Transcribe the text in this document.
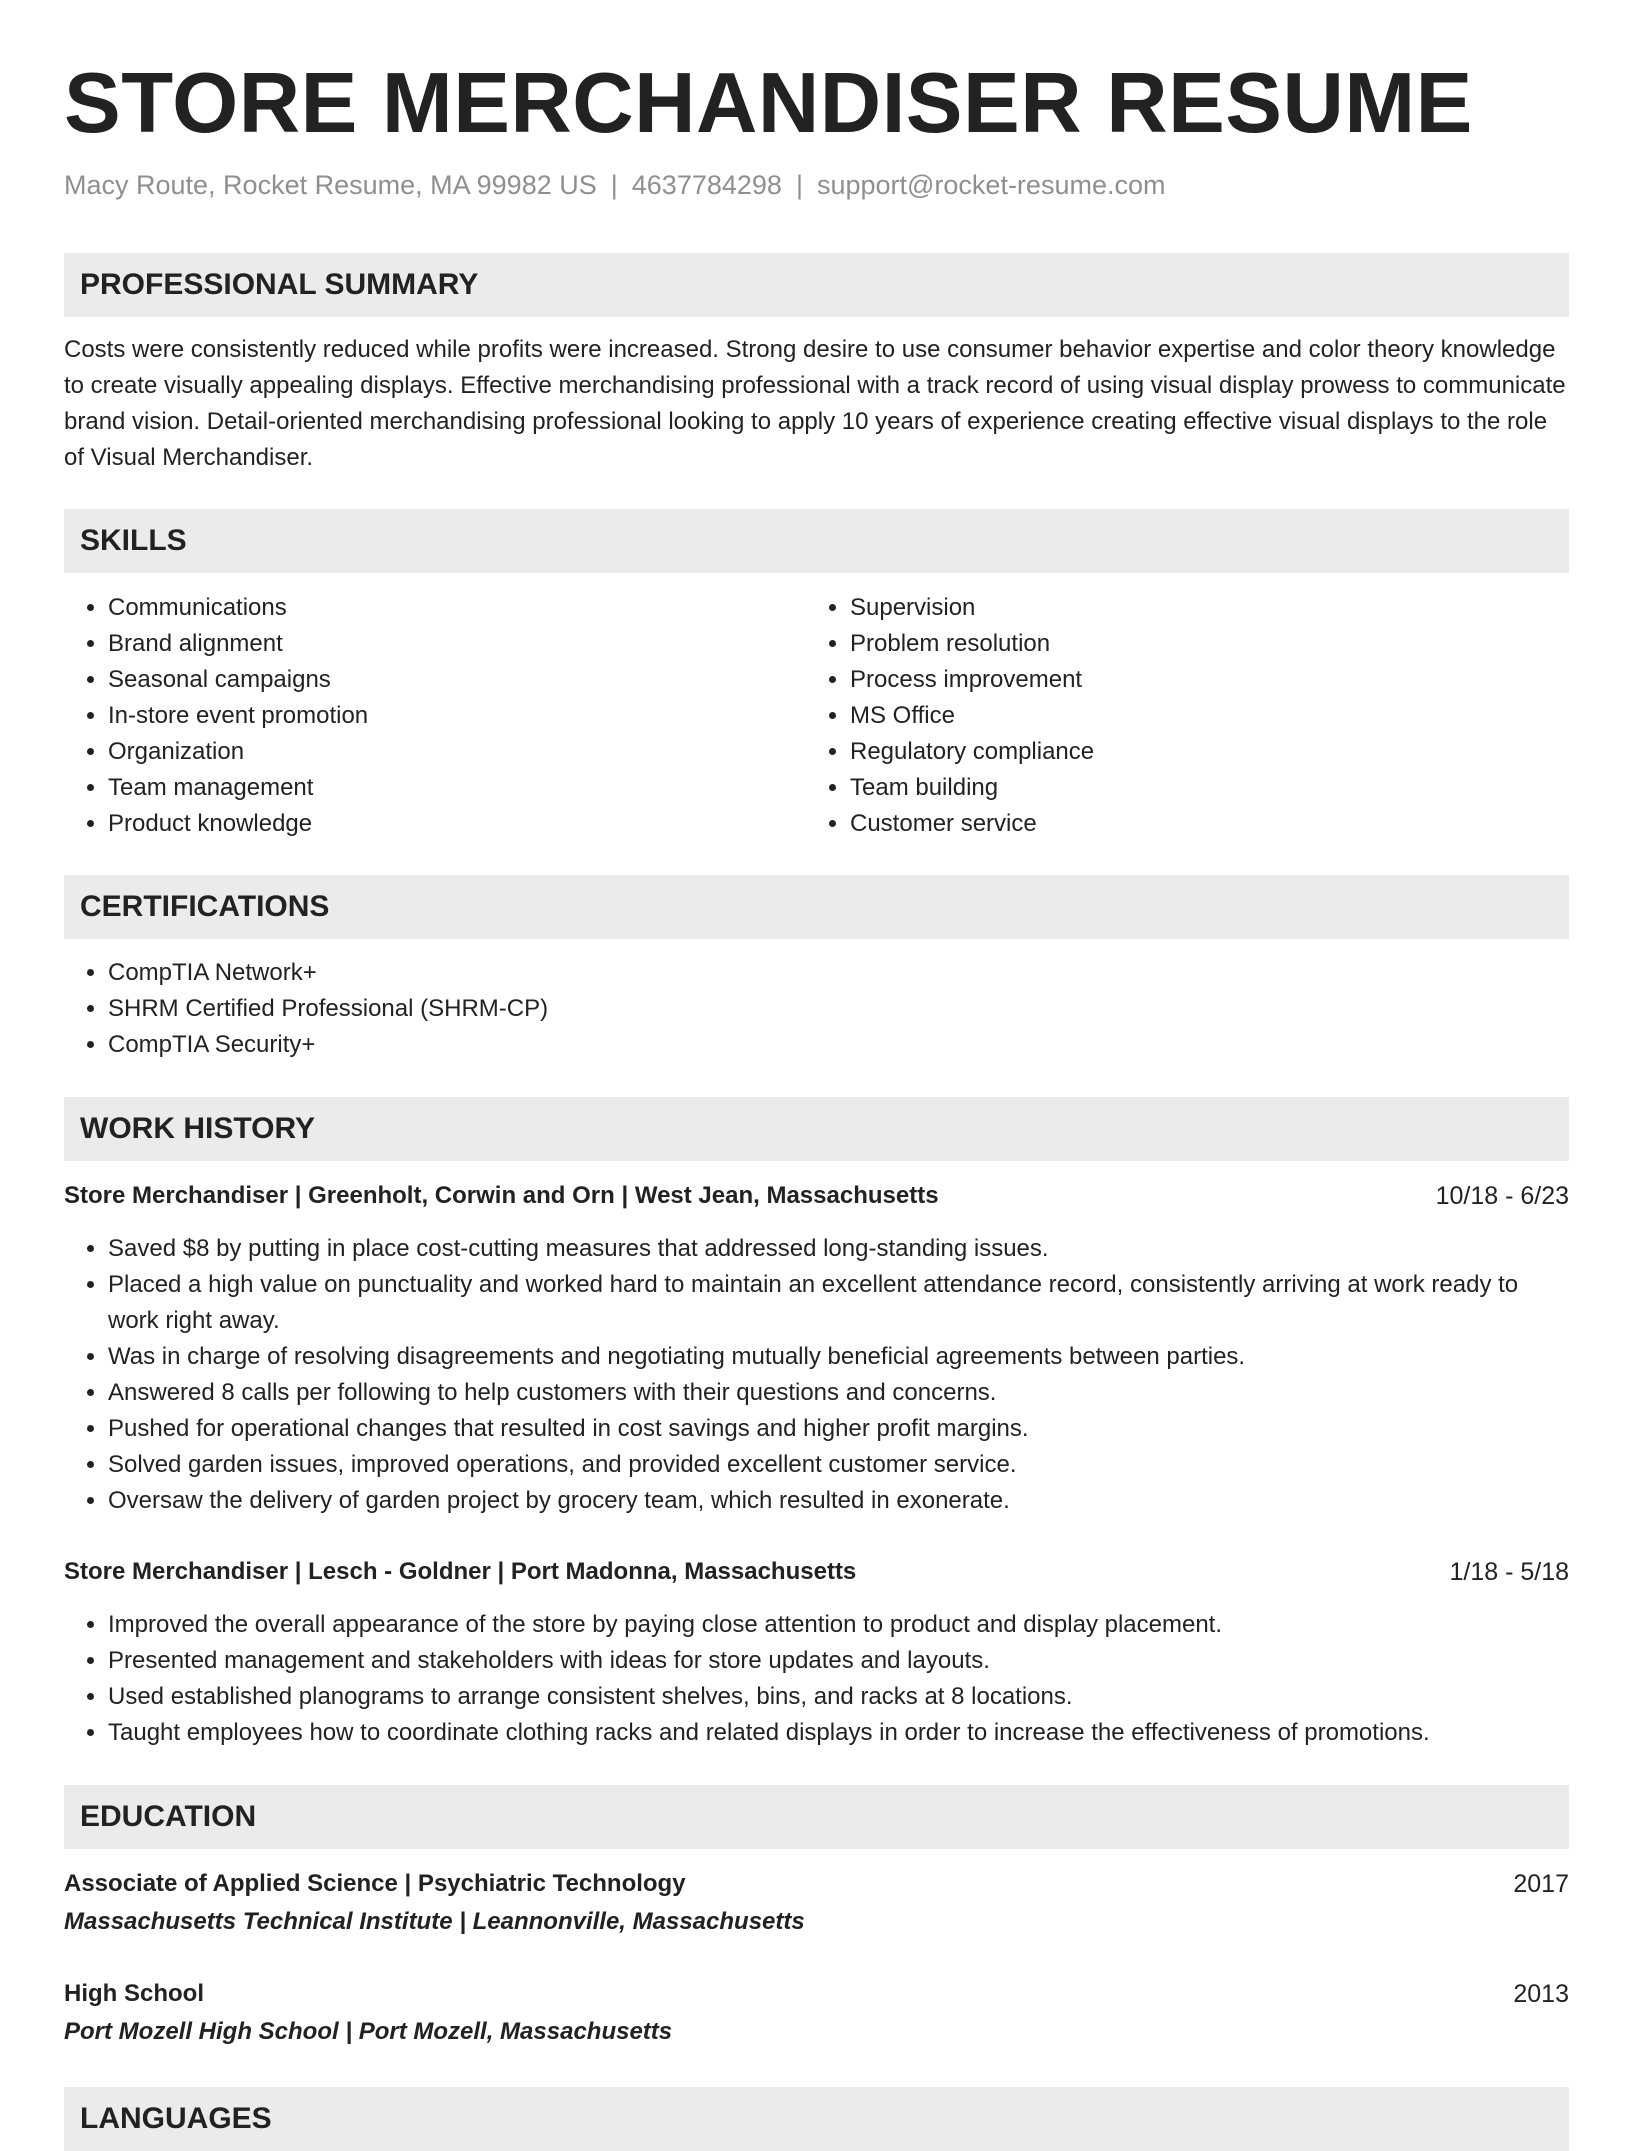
STORE MERCHANDISER RESUME
Macy Route, Rocket Resume, MA 99982 US | 4637784298 | support@rocket-resume.com
PROFESSIONAL SUMMARY

Costs were consistently reduced while profits were increased. Strong desire to use consumer behavior expertise and color theory knowledge to create visually appealing displays. Effective merchandising professional with a track record of using visual display prowess to communicate brand vision. Detail-oriented merchandising professional looking to apply 10 years of experience creating effective visual displays to the role of Visual Merchandiser.

SKILLS
• Communications
• Brand alignment
• Seasonal campaigns
• In-store event promotion
• Organization
• Team management
• Product knowledge
• Supervision
• Problem resolution
• Process improvement
• MS Office
• Regulatory compliance
• Team building
• Customer service
CERTIFICATIONS
• CompTIA Network+
• SHRM Certified Professional (SHRM-CP)
• CompTIA Security+
WORK HISTORY
Store Merchandiser | Greenholt, Corwin and Orn | West Jean, Massachusetts	10/18 - 6/23
• Saved $8 by putting in place cost-cutting measures that addressed long-standing issues.
• Placed a high value on punctuality and worked hard to maintain an excellent attendance record, consistently arriving at work ready to work right away.
• Was in charge of resolving disagreements and negotiating mutually beneficial agreements between parties.
• Answered 8 calls per following to help customers with their questions and concerns.
• Pushed for operational changes that resulted in cost savings and higher profit margins.
• Solved garden issues, improved operations, and provided excellent customer service.
• Oversaw the delivery of garden project by grocery team, which resulted in exonerate.
Store Merchandiser | Lesch - Goldner | Port Madonna, Massachusetts	1/18 - 5/18
• Improved the overall appearance of the store by paying close attention to product and display placement.
• Presented management and stakeholders with ideas for store updates and layouts.
• Used established planograms to arrange consistent shelves, bins, and racks at 8 locations.
• Taught employees how to coordinate clothing racks and related displays in order to increase the effectiveness of promotions.
EDUCATION
Associate of Applied Science | Psychiatric Technology	2017
Massachusetts Technical Institute | Leannonville, Massachusetts
High School	2013
Port Mozell High School | Port Mozell, Massachusetts
LANGUAGES
